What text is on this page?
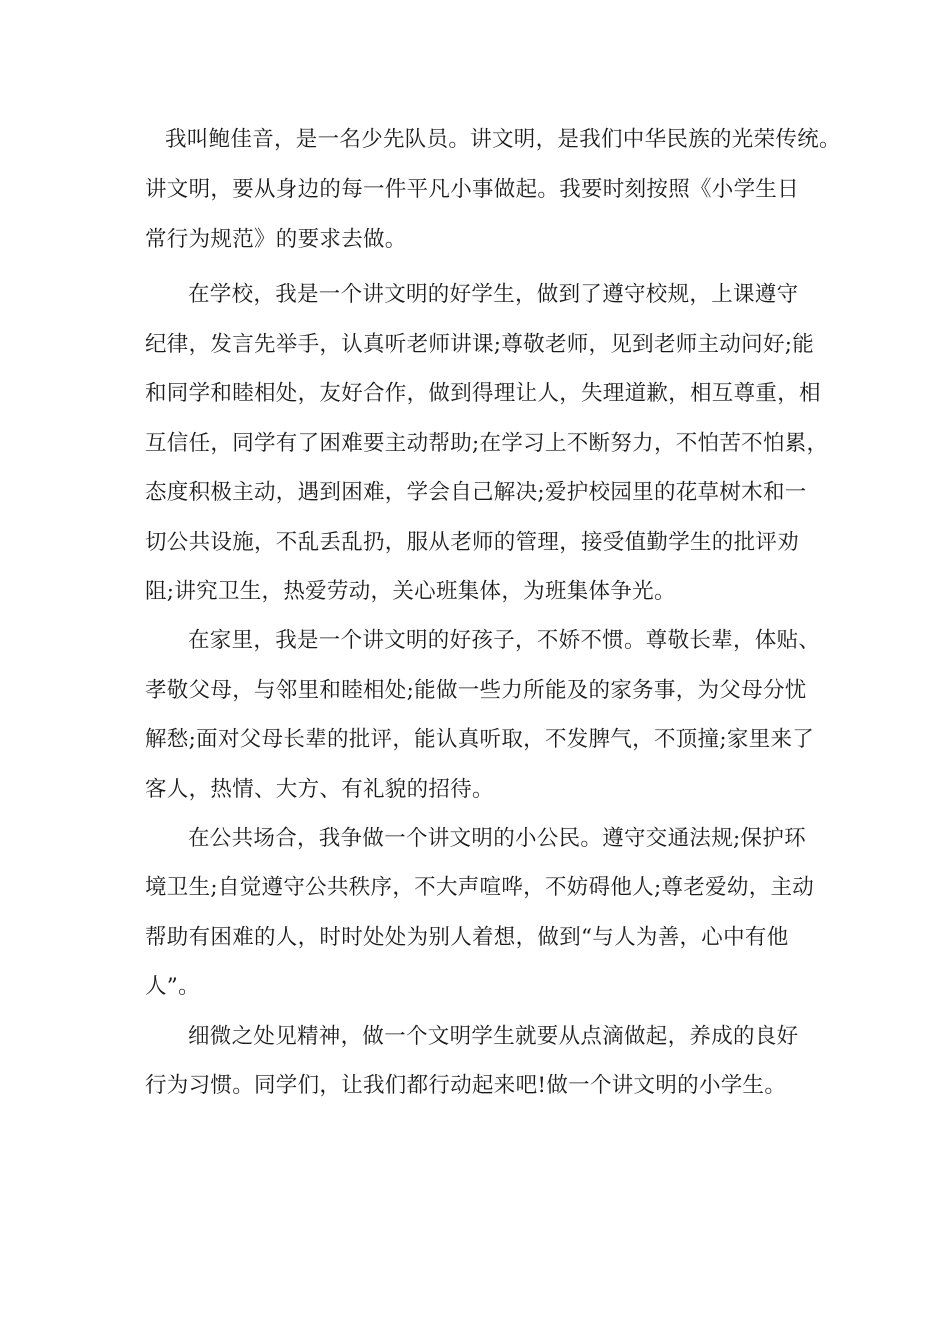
我叫鲍佳音，是一名少先队员。讲文明，是我们中华民族的光荣传统。
讲文明，要从身边的每一件平凡小事做起。我要时刻按照《小学生日
常行为规范》的要求去做。
在学校，我是一个讲文明的好学生，做到了遵守校规，上课遵守
纪律，发言先举手，认真听老师讲课;尊敬老师，见到老师主动问好;能
和同学和睦相处，友好合作，做到得理让人，失理道歉，相互尊重，相
互信任，同学有了困难要主动帮助;在学习上不断努力，不怕苦不怕累，
态度积极主动，遇到困难，学会自己解决;爱护校园里的花草树木和一
切公共设施，不乱丢乱扔，服从老师的管理，接受值勤学生的批评劝
阻;讲究卫生，热爱劳动，关心班集体，为班集体争光。
在家里，我是一个讲文明的好孩子，不娇不惯。尊敬长辈，体贴、
孝敬父母，与邻里和睦相处;能做一些力所能及的家务事，为父母分忧
解愁;面对父母长辈的批评，能认真听取，不发脾气，不顶撞;家里来了
客人，热情、大方、有礼貌的招待。
在公共场合，我争做一个讲文明的小公民。遵守交通法规;保护环
境卫生;自觉遵守公共秩序，不大声喧哗，不妨碍他人;尊老爱幼，主动
帮助有困难的人，时时处处为别人着想，做到“与人为善，心中有他
人”。
细微之处见精神，做一个文明学生就要从点滴做起，养成的良好
行为习惯。同学们，让我们都行动起来吧!做一个讲文明的小学生。
